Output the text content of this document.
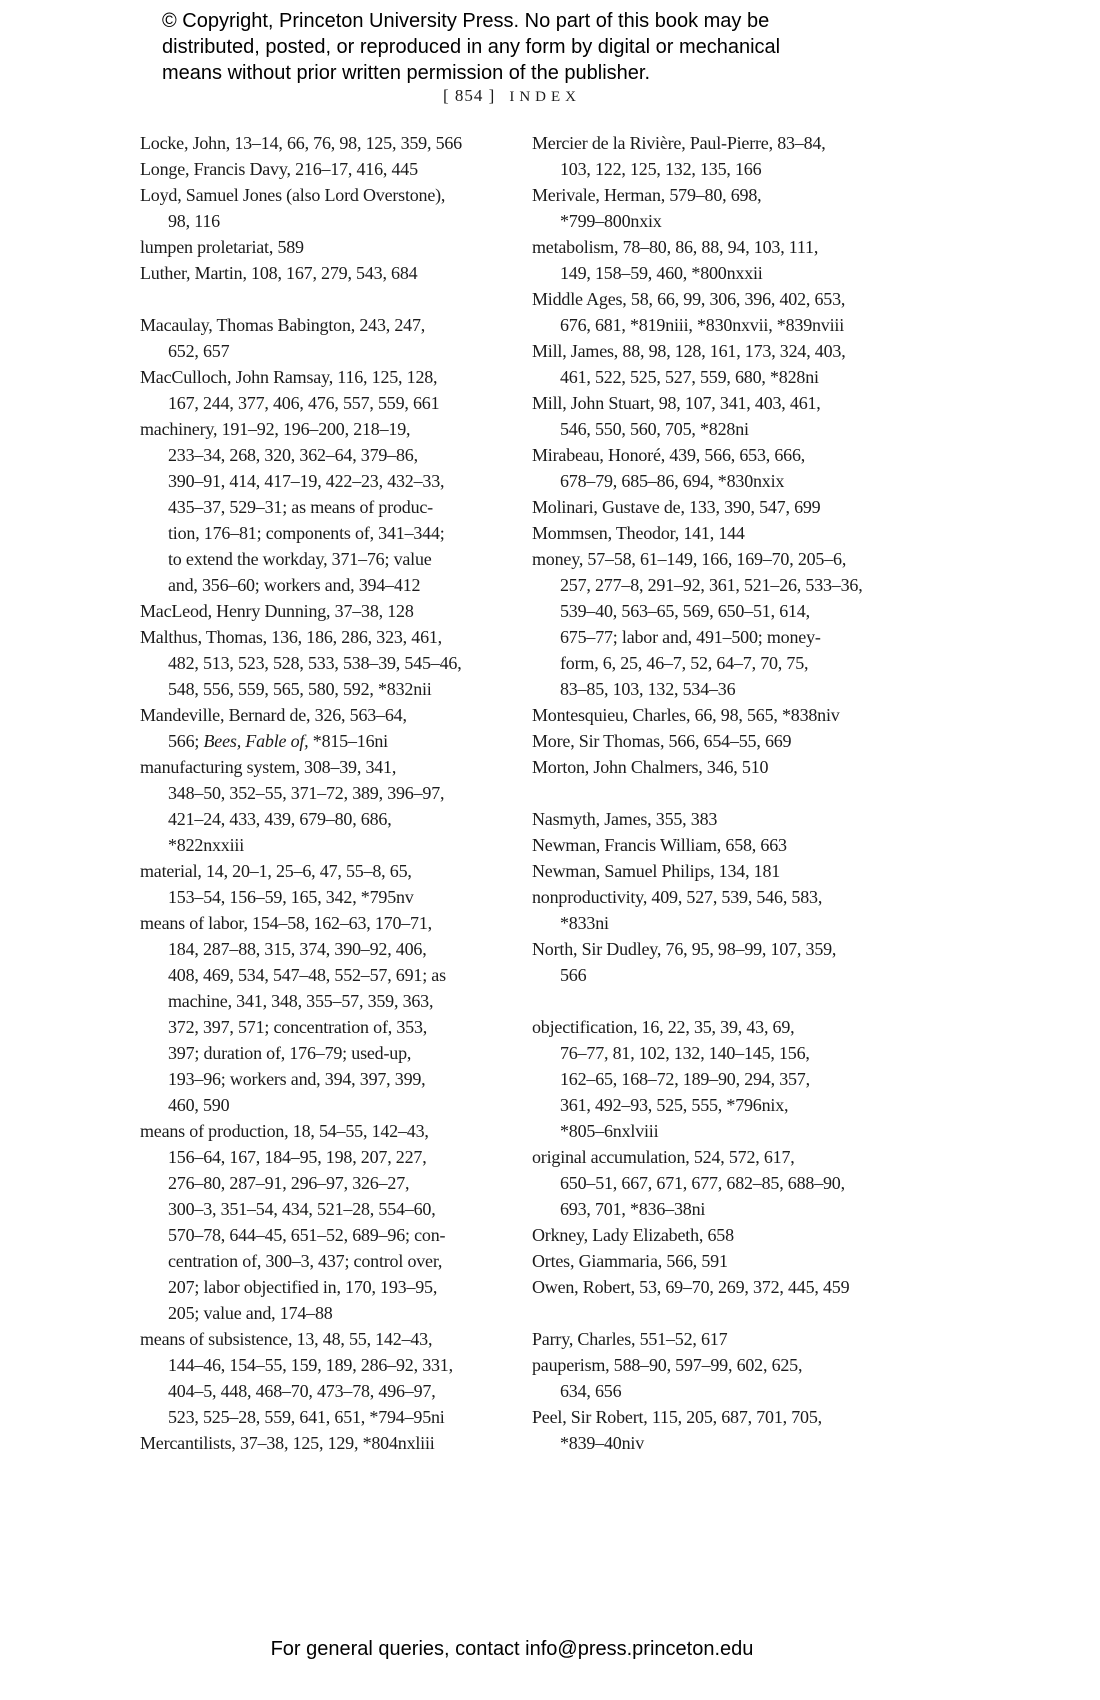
© Copyright, Princeton University Press. No part of this book may be distributed, posted, or reproduced in any form by digital or mechanical means without prior written permission of the publisher.
[ 854 ] INDEX
Locke, John, 13–14, 66, 76, 98, 125, 359, 566
Longe, Francis Davy, 216–17, 416, 445
Loyd, Samuel Jones (also Lord Overstone),
98, 116
lumpen proletariat, 589
Luther, Martin, 108, 167, 279, 543, 684
Macaulay, Thomas Babington, 243, 247,
652, 657
MacCulloch, John Ramsay, 116, 125, 128,
167, 244, 377, 406, 476, 557, 559, 661
machinery, 191–92, 196–200, 218–19,
233–34, 268, 320, 362–64, 379–86,
390–91, 414, 417–19, 422–23, 432–33,
435–37, 529–31; as means of produc-
tion, 176–81; components of, 341–344;
to extend the workday, 371–76; value
and, 356–60; workers and, 394–412
MacLeod, Henry Dunning, 37–38, 128
Malthus, Thomas, 136, 186, 286, 323, 461,
482, 513, 523, 528, 533, 538–39, 545–46,
548, 556, 559, 565, 580, 592, *832nii
Mandeville, Bernard de, 326, 563–64,
566; Bees, Fable of, *815–16ni
manufacturing system, 308–39, 341,
348–50, 352–55, 371–72, 389, 396–97,
421–24, 433, 439, 679–80, 686,
*822nxxiii
material, 14, 20–1, 25–6, 47, 55–8, 65,
153–54, 156–59, 165, 342, *795nv
means of labor, 154–58, 162–63, 170–71,
184, 287–88, 315, 374, 390–92, 406,
408, 469, 534, 547–48, 552–57, 691; as
machine, 341, 348, 355–57, 359, 363,
372, 397, 571; concentration of, 353,
397; duration of, 176–79; used-up,
193–96; workers and, 394, 397, 399,
460, 590
means of production, 18, 54–55, 142–43,
156–64, 167, 184–95, 198, 207, 227,
276–80, 287–91, 296–97, 326–27,
300–3, 351–54, 434, 521–28, 554–60,
570–78, 644–45, 651–52, 689–96; con-
centration of, 300–3, 437; control over,
207; labor objectified in, 170, 193–95,
205; value and, 174–88
means of subsistence, 13, 48, 55, 142–43,
144–46, 154–55, 159, 189, 286–92, 331,
404–5, 448, 468–70, 473–78, 496–97,
523, 525–28, 559, 641, 651, *794–95ni
Mercantilists, 37–38, 125, 129, *804nxliii
Mercier de la Rivière, Paul-Pierre, 83–84,
103, 122, 125, 132, 135, 166
Merivale, Herman, 579–80, 698,
*799–800nxix
metabolism, 78–80, 86, 88, 94, 103, 111,
149, 158–59, 460, *800nxxii
Middle Ages, 58, 66, 99, 306, 396, 402, 653,
676, 681, *819niii, *830nxvii, *839nviii
Mill, James, 88, 98, 128, 161, 173, 324, 403,
461, 522, 525, 527, 559, 680, *828ni
Mill, John Stuart, 98, 107, 341, 403, 461,
546, 550, 560, 705, *828ni
Mirabeau, Honoré, 439, 566, 653, 666,
678–79, 685–86, 694, *830nxix
Molinari, Gustave de, 133, 390, 547, 699
Mommsen, Theodor, 141, 144
money, 57–58, 61–149, 166, 169–70, 205–6,
257, 277–8, 291–92, 361, 521–26, 533–36,
539–40, 563–65, 569, 650–51, 614,
675–77; labor and, 491–500; money-
form, 6, 25, 46–7, 52, 64–7, 70, 75,
83–85, 103, 132, 534–36
Montesquieu, Charles, 66, 98, 565, *838niv
More, Sir Thomas, 566, 654–55, 669
Morton, John Chalmers, 346, 510
Nasmyth, James, 355, 383
Newman, Francis William, 658, 663
Newman, Samuel Philips, 134, 181
nonproductivity, 409, 527, 539, 546, 583,
*833ni
North, Sir Dudley, 76, 95, 98–99, 107, 359,
566
objectification, 16, 22, 35, 39, 43, 69,
76–77, 81, 102, 132, 140–145, 156,
162–65, 168–72, 189–90, 294, 357,
361, 492–93, 525, 555, *796nix,
*805–6nxlviii
original accumulation, 524, 572, 617,
650–51, 667, 671, 677, 682–85, 688–90,
693, 701, *836–38ni
Orkney, Lady Elizabeth, 658
Ortes, Giammaria, 566, 591
Owen, Robert, 53, 69–70, 269, 372, 445, 459
Parry, Charles, 551–52, 617
pauperism, 588–90, 597–99, 602, 625,
634, 656
Peel, Sir Robert, 115, 205, 687, 701, 705,
*839–40niv
For general queries, contact info@press.princeton.edu
